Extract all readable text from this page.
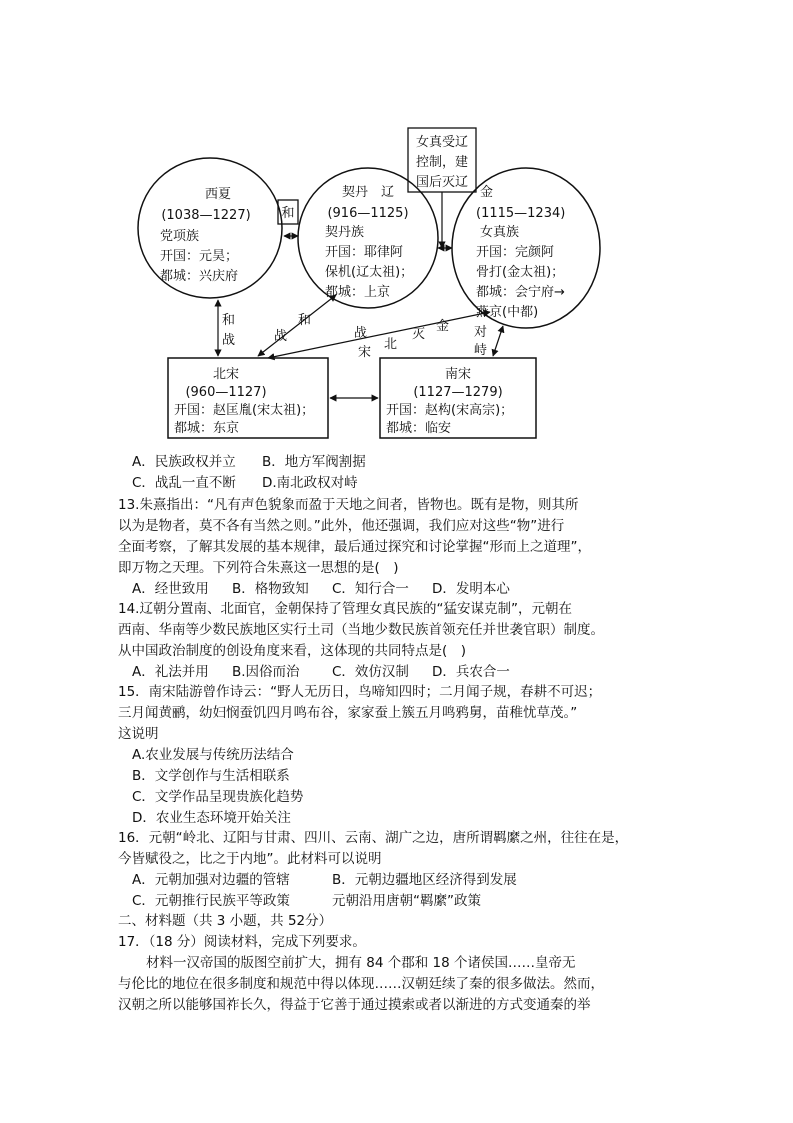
西夏
(1038—1227)
党项族
开国：元昊；
都城：兴庆府
和
契丹　辽
(916—1125)
契丹族
开国：耶律阿
保机(辽太祖)；
都城：上京
女真受辽
控制，建
国后灭辽
金
(1115—1234)
女真族
开国：完颜阿
骨打(金太祖)；
都城：会宁府→
燕京(中都)
北宋
(960—1127)
开国：赵匡胤(宋太祖)；
都城：东京
南宋
(1127—1279)
开国：赵构(宋高宗)；
都城：临安
和
战	战
和
战
宋
北
灭
金 对
峙
A．民族政权并立 B．地方军阀割据
C．战乱一直不断 D.南北政权对峙
13.朱熹指出：“凡有声色貌象而盈于天地之间者，皆物也。既有是物，则其所
以为是物者，莫不各有当然之则。”此外，他还强调，我们应对这些“物”进行
全面考察，了解其发展的基本规律，最后通过探究和讨论掌握“形而上之道理”，
即万物之天理。下列符合朱熹这一思想的是(　)
A．经世致用 B．格物致知 C．知行合一 D．发明本心
14.辽朝分置南、北面官，金朝保持了管理女真民族的“猛安谋克制”，元朝在
西南、华南等少数民族地区实行土司（当地少数民族首领充任并世袭官职）制度。
从中国政治制度的创设角度来看，这体现的共同特点是(　)
A．礼法并用 B.因俗而治 C．效仿汉制 D．兵农合一
15．南宋陆游曾作诗云：“野人无历日，鸟啼知四时；二月闻子规，春耕不可迟；
三月闻黄鹂，幼妇悯蚕饥四月鸣布谷，家家蚕上簇五月鸣鸦舅，苗稚忧草茂。”
这说明
A.农业发展与传统历法结合
B．文学创作与生活相联系
C．文学作品呈现贵族化趋势
D．农业生态环境开始关注
16．元朝“岭北、辽阳与甘肃、四川、云南、湖广之边，唐所谓羁縻之州，往往在是，
今皆赋役之，比之于内地”。此材料可以说明
A．元朝加强对边疆的管辖	B．元朝边疆地区经济得到发展
C．元朝推行民族平等政策	元朝沿用唐朝“羁縻”政策
二、材料题（共 3 小题，共 52分）
17．（18 分）阅读材料，完成下列要求。
材料一汉帝国的版图空前扩大，拥有 84 个郡和 18 个诸侯国……皇帝无
与伦比的地位在很多制度和规范中得以体现……汉朝廷续了秦的很多做法。然而，
汉朝之所以能够国祚长久，得益于它善于通过摸索或者以渐进的方式变通秦的举
